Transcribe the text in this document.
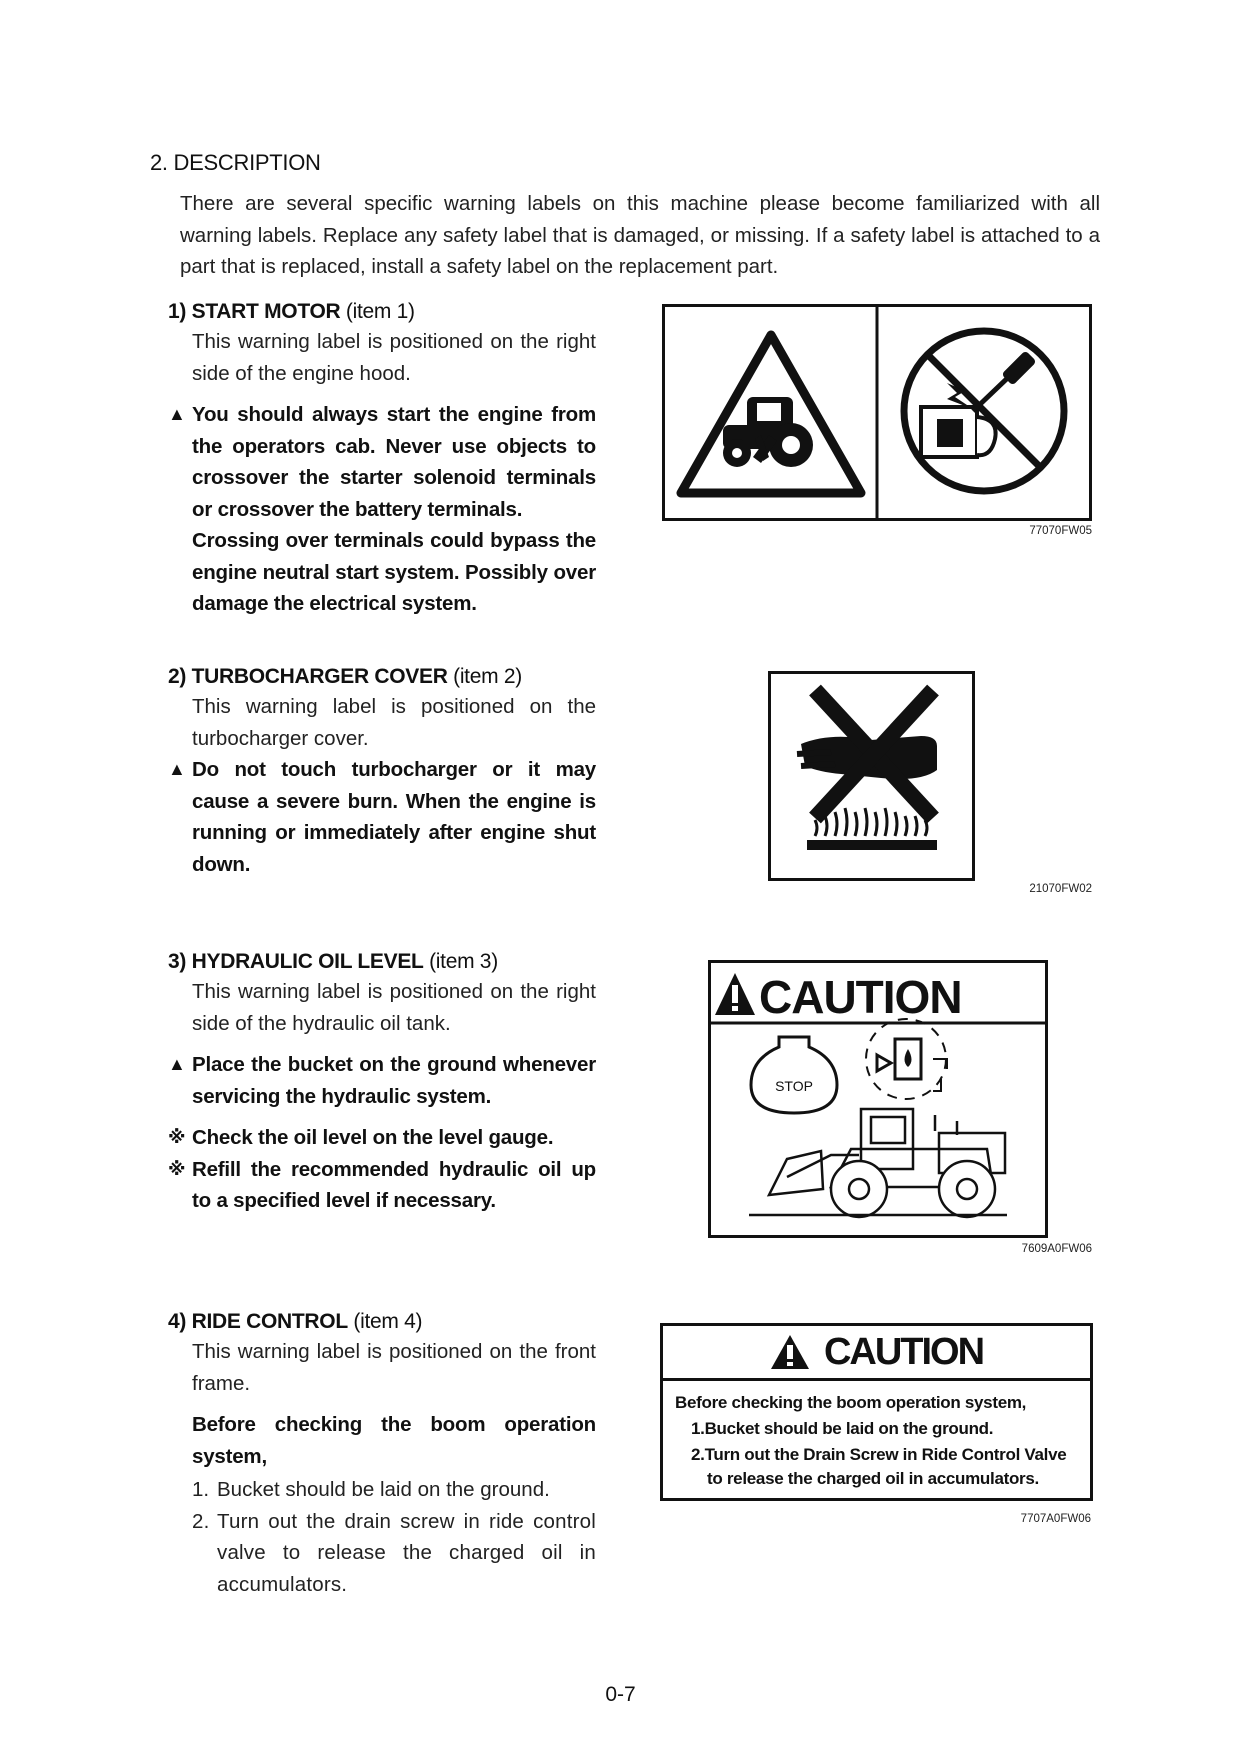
2. DESCRIPTION
There are several specific warning labels on this machine please become familiarized with all warning labels. Replace any safety label that is damaged, or missing. If a safety label is attached to a part that is replaced, install a safety label on the replacement part.
1) START MOTOR (item 1)
This warning label is positioned on the right side of the engine hood.
▲ You should always start the engine from the operators cab. Never use objects to crossover the starter solenoid terminals or crossover the battery terminals.
Crossing over terminals could bypass the engine neutral start system. Possibly over damage the electrical system.
77070FW05
2) TURBOCHARGER COVER (item 2)
This warning label is positioned on the turbocharger cover.
▲ Do not touch turbocharger or it may cause a severe burn. When the engine is running or immediately after engine shut down.
21070FW02
3) HYDRAULIC OIL LEVEL (item 3)
This warning label is positioned on the right side of the hydraulic oil tank.
▲ Place the bucket on the ground whenever servicing the hydraulic system.
※ Check the oil level on the level gauge.
※ Refill the recommended hydraulic oil up to a specified level if necessary.
CAUTION
STOP
7609A0FW06
4) RIDE CONTROL (item 4)
This warning label is positioned on the front frame.
Before checking the boom operation system,
1. Bucket should be laid on the ground.
2. Turn out the drain screw in ride control valve to release the charged oil in accumulators.
CAUTION
Before checking the boom operation system,
1.Bucket should be laid on the ground.
2.Turn out the Drain Screw in Ride Control Valve
to release the charged oil in accumulators.
7707A0FW06
0-7
